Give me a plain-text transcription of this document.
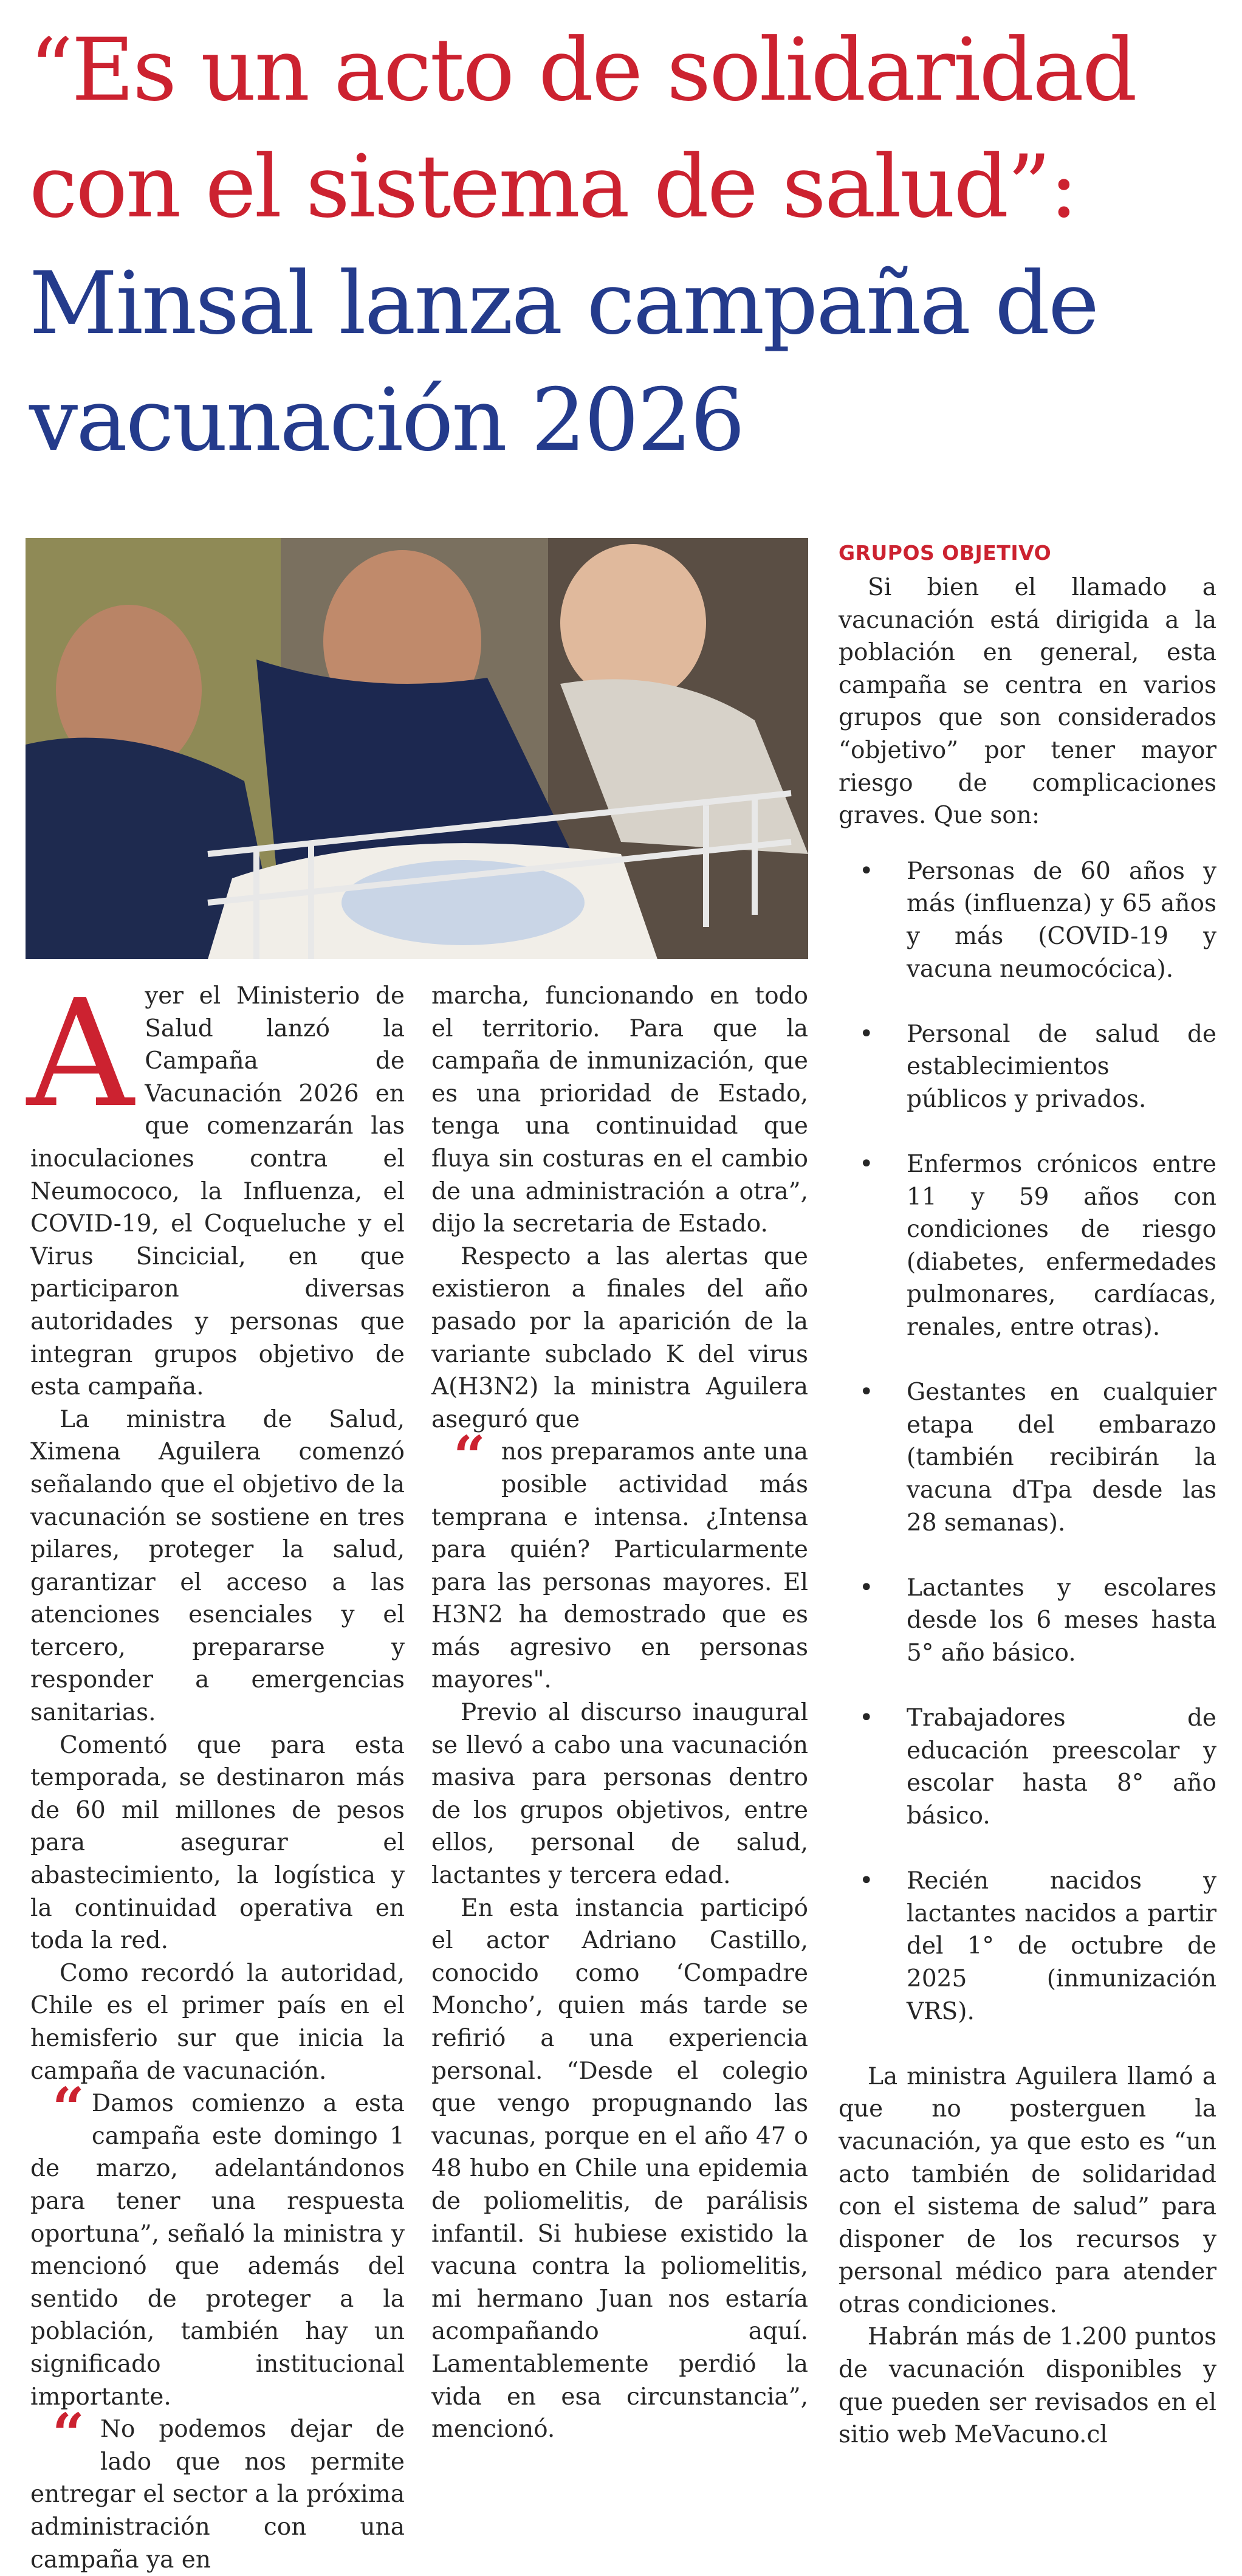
“Es un acto de solidaridad
con el sistema de salud”:
Minsal lanza campaña de
vacunación 2026
A yer el Ministerio de Salud lanzó la Campaña de Vacunación 2026 en que comenzarán las inoculaciones contra el Neumococo, la Influenza, el COVID-19, el Coqueluche y el Virus Sincicial, en que participaron diversas autoridades y personas que integran grupos objetivo de esta campaña.

La ministra de Salud, Ximena Aguilera comenzó señalando que el objetivo de la vacunación se sostiene en tres pilares, proteger la salud, garantizar el acceso a las atenciones esenciales y el tercero, prepararse y responder a emergencias sanitarias.

Comentó que para esta temporada, se destinaron más de 60 mil millones de pesos para asegurar el abastecimiento, la logística y la continuidad operativa en toda la red.

Como recordó la autoridad, Chile es el primer país en el hemisferio sur que inicia la campaña de vacunación.

“ Damos comienzo a esta campaña este domingo 1 de marzo, adelantándonos para tener una respuesta oportuna”, señaló la ministra y mencionó que además del sentido de proteger a la población, también hay un significado institucional importante.

“ No podemos dejar de lado que nos permite entregar el sector a la próxima administración con una campaña ya en

marcha, funcionando en todo el territorio. Para que la campaña de inmunización, que es una prioridad de Estado, tenga una continuidad que fluya sin costuras en el cambio de una administración a otra”, dijo la secretaria de Estado.

Respecto a las alertas que existieron a finales del año pasado por la aparición de la variante subclado K del virus A(H3N2) la ministra Aguilera aseguró que

“ nos preparamos ante una posible actividad más temprana e intensa. ¿Intensa para quién? Particularmente para las personas mayores. El H3N2 ha demostrado que es más agresivo en personas mayores".

Previo al discurso inaugural se llevó a cabo una vacunación masiva para personas dentro de los grupos objetivos, entre ellos, personal de salud, lactantes y tercera edad.

En esta instancia participó el actor Adriano Castillo, conocido como ‘Compadre Moncho’, quien más tarde se refirió a una experiencia personal. “Desde el colegio que vengo propugnando las vacunas, porque en el año 47 o 48 hubo en Chile una epidemia de poliomelitis, de parálisis infantil. Si hubiese existido la vacuna contra la poliomelitis, mi hermano Juan nos estaría acompañando aquí. Lamentablemente perdió la vida en esa circunstancia”, mencionó.

GRUPOS OBJETIVO

Si bien el llamado a vacunación está dirigida a la población en general, esta campaña se centra en varios grupos que son considerados “objetivo” por tener mayor riesgo de complicaciones graves. Que son:

• Personas de 60 años y más (influenza) y 65 años y más (COVID-19 y vacuna neumocócica).
• Personal de salud de establecimientos públicos y privados.
• Enfermos crónicos entre 11 y 59 años con condiciones de riesgo (diabetes, enfermedades pulmonares, cardíacas, renales, entre otras).
• Gestantes en cualquier etapa del embarazo (también recibirán la vacuna dTpa desde las 28 semanas).
• Lactantes y escolares desde los 6 meses hasta 5° año básico.
• Trabajadores de educación preescolar y escolar hasta 8° año básico.
• Recién nacidos y lactantes nacidos a partir del 1° de octubre de 2025 (inmunización VRS).

La ministra Aguilera llamó a que no posterguen la vacunación, ya que esto es “un acto también de solidaridad con el sistema de salud” para disponer de los recursos y personal médico para atender otras condiciones.

Habrán más de 1.200 puntos de vacunación disponibles y que pueden ser revisados en el sitio web MeVacuno.cl
